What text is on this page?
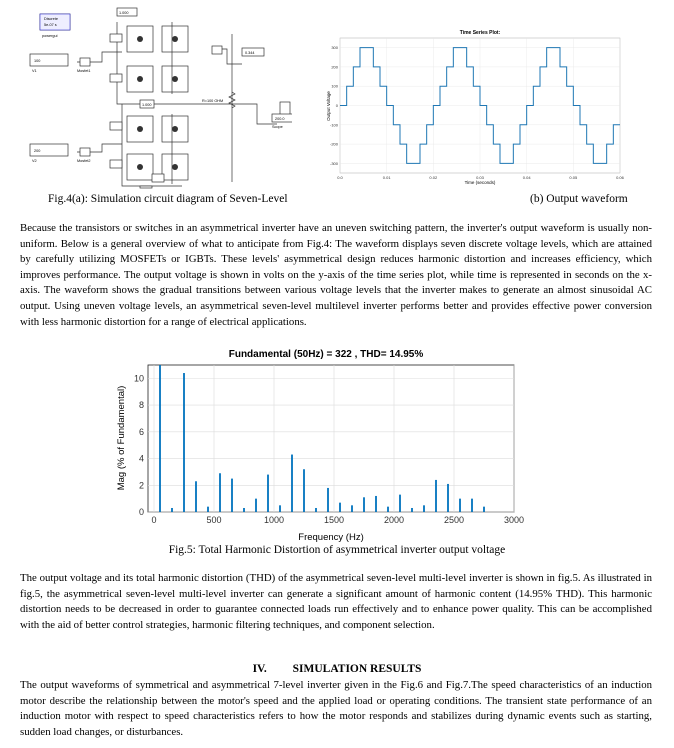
Discrete
5e-07 s
powergui
V1
V2
Mosfet1
Mosfet2
R=100 OHM
Scope
1.000
1.000
0.344
200.0
100
200
Time Series Plot:
300
200
100
0
-100
-200
-300
0.0	0.01	0.02	0.03	0.04	0.05	0.06
Output Voltage
Time (seconds)
Fig.4(a): Simulation circuit diagram of Seven-Level	(b) Output waveform
Because the transistors or switches in an asymmetrical inverter have an uneven switching pattern, the inverter's output waveform is usually non-uniform. Below is a general overview of what to anticipate from Fig.4: The waveform displays seven discrete voltage levels, which are attained by carefully utilizing MOSFETs or IGBTs. These levels' asymmetrical design reduces harmonic distortion and increases efficiency, which improves performance. The output voltage is shown in volts on the y-axis of the time series plot, while time is represented in seconds on the x-axis. The waveform shows the gradual transitions between various voltage levels that the inverter makes to generate an almost sinusoidal AC output. Using uneven voltage levels, an asymmetrical seven-level multilevel inverter performs better and provides effective power conversion with less harmonic distortion for a range of electrical applications.
Fundamental (50Hz) = 322 , THD= 14.95%
0
2
4
6
8
10
0	500	1000	1500	2000	2500	3000
Mag (% of Fundamental)
Frequency (Hz)
Fig.5: Total Harmonic Distortion of asymmetrical inverter output voltage
The output voltage and its total harmonic distortion (THD) of the asymmetrical seven-level multi-level inverter is shown in fig.5. As illustrated in fig.5, the asymmetrical seven-level multi-level inverter can generate a significant amount of harmonic content (14.95% THD). This harmonic distortion needs to be decreased in order to guarantee connected loads run effectively and to enhance power quality. This can be accomplished with the aid of better control strategies, harmonic filtering techniques, and component selection.
IV.         SIMULATION RESULTS
The output waveforms of symmetrical and asymmetrical 7-level inverter given in the Fig.6 and Fig.7.The speed characteristics of an induction motor describe the relationship between the motor's speed and the applied load or operating conditions. The transient state performance of an induction motor with respect to speed characteristics refers to how the motor responds and stabilizes during dynamic events such as starting, sudden load changes, or disturbances.
